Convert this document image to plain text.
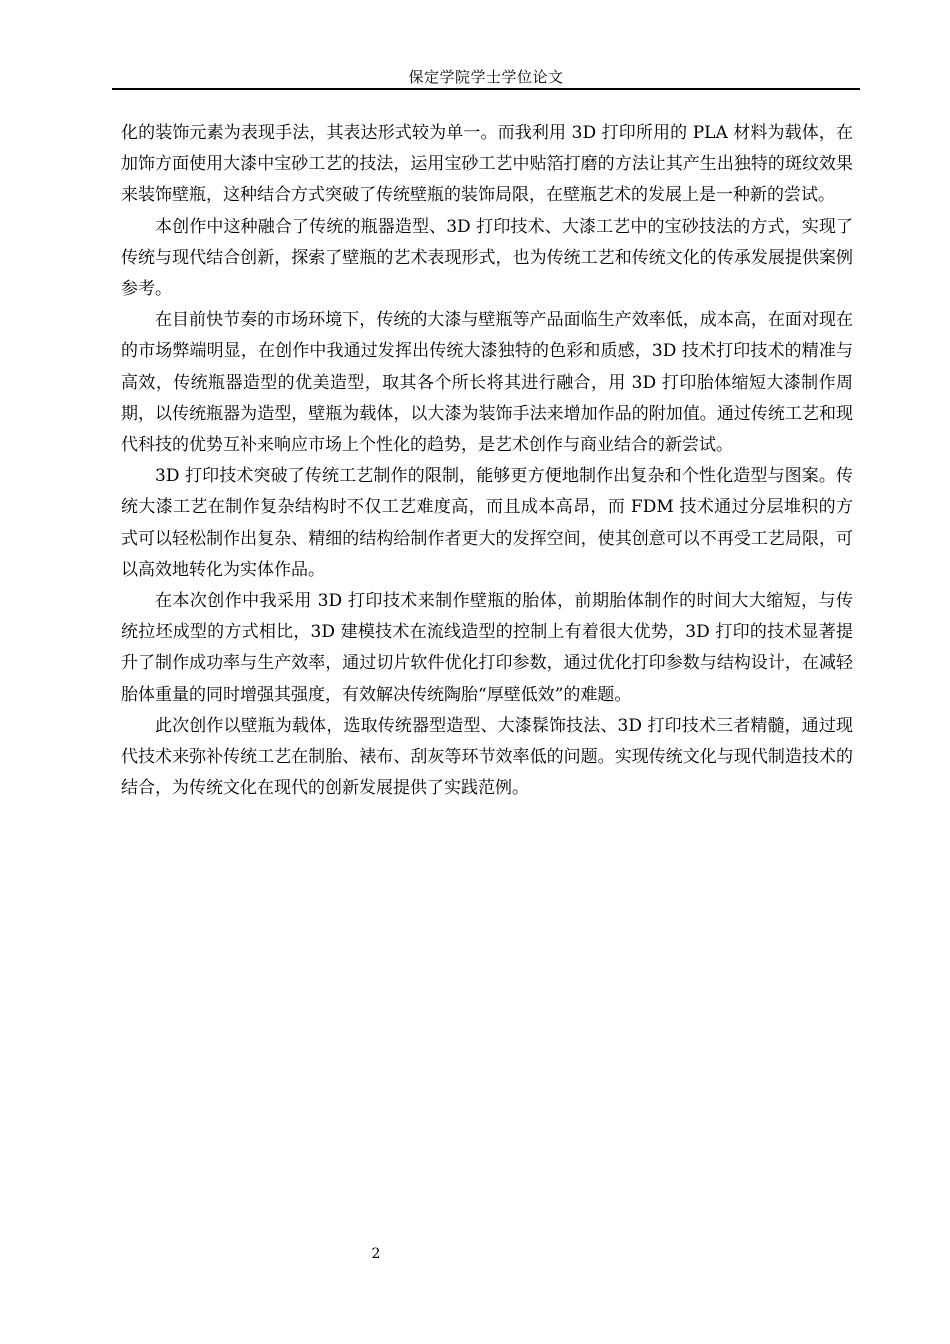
保定学院学士学位论文

化的装饰元素为表现手法，其表达形式较为单一。而我利用 3D 打印所用的 PLA 材料为载体，在加饰方面使用大漆中宝砂工艺的技法，运用宝砂工艺中贴箔打磨的方法让其产生出独特的斑纹效果来装饰壁瓶，这种结合方式突破了传统壁瓶的装饰局限，在壁瓶艺术的发展上是一种新的尝试。

本创作中这种融合了传统的瓶器造型、3D 打印技术、大漆工艺中的宝砂技法的方式，实现了传统与现代结合创新，探索了壁瓶的艺术表现形式，也为传统工艺和传统文化的传承发展提供案例参考。

在目前快节奏的市场环境下，传统的大漆与壁瓶等产品面临生产效率低，成本高，在面对现在的市场弊端明显，在创作中我通过发挥出传统大漆独特的色彩和质感，3D 技术打印技术的精准与高效，传统瓶器造型的优美造型，取其各个所长将其进行融合，用 3D 打印胎体缩短大漆制作周期，以传统瓶器为造型，壁瓶为载体，以大漆为装饰手法来增加作品的附加值。通过传统工艺和现代科技的优势互补来响应市场上个性化的趋势，是艺术创作与商业结合的新尝试。

3D 打印技术突破了传统工艺制作的限制，能够更方便地制作出复杂和个性化造型与图案。传统大漆工艺在制作复杂结构时不仅工艺难度高，而且成本高昂，而 FDM 技术通过分层堆积的方式可以轻松制作出复杂、精细的结构给制作者更大的发挥空间，使其创意可以不再受工艺局限，可以高效地转化为实体作品。

在本次创作中我采用 3D 打印技术来制作壁瓶的胎体，前期胎体制作的时间大大缩短，与传统拉坯成型的方式相比，3D 建模技术在流线造型的控制上有着很大优势，3D 打印的技术显著提升了制作成功率与生产效率，通过切片软件优化打印参数，通过优化打印参数与结构设计，在减轻胎体重量的同时增强其强度，有效解决传统陶胎“厚壁低效”的难题。

此次创作以壁瓶为载体，选取传统器型造型、大漆髹饰技法、3D 打印技术三者精髓，通过现代技术来弥补传统工艺在制胎、裱布、刮灰等环节效率低的问题。实现传统文化与现代制造技术的结合，为传统文化在现代的创新发展提供了实践范例。

2
